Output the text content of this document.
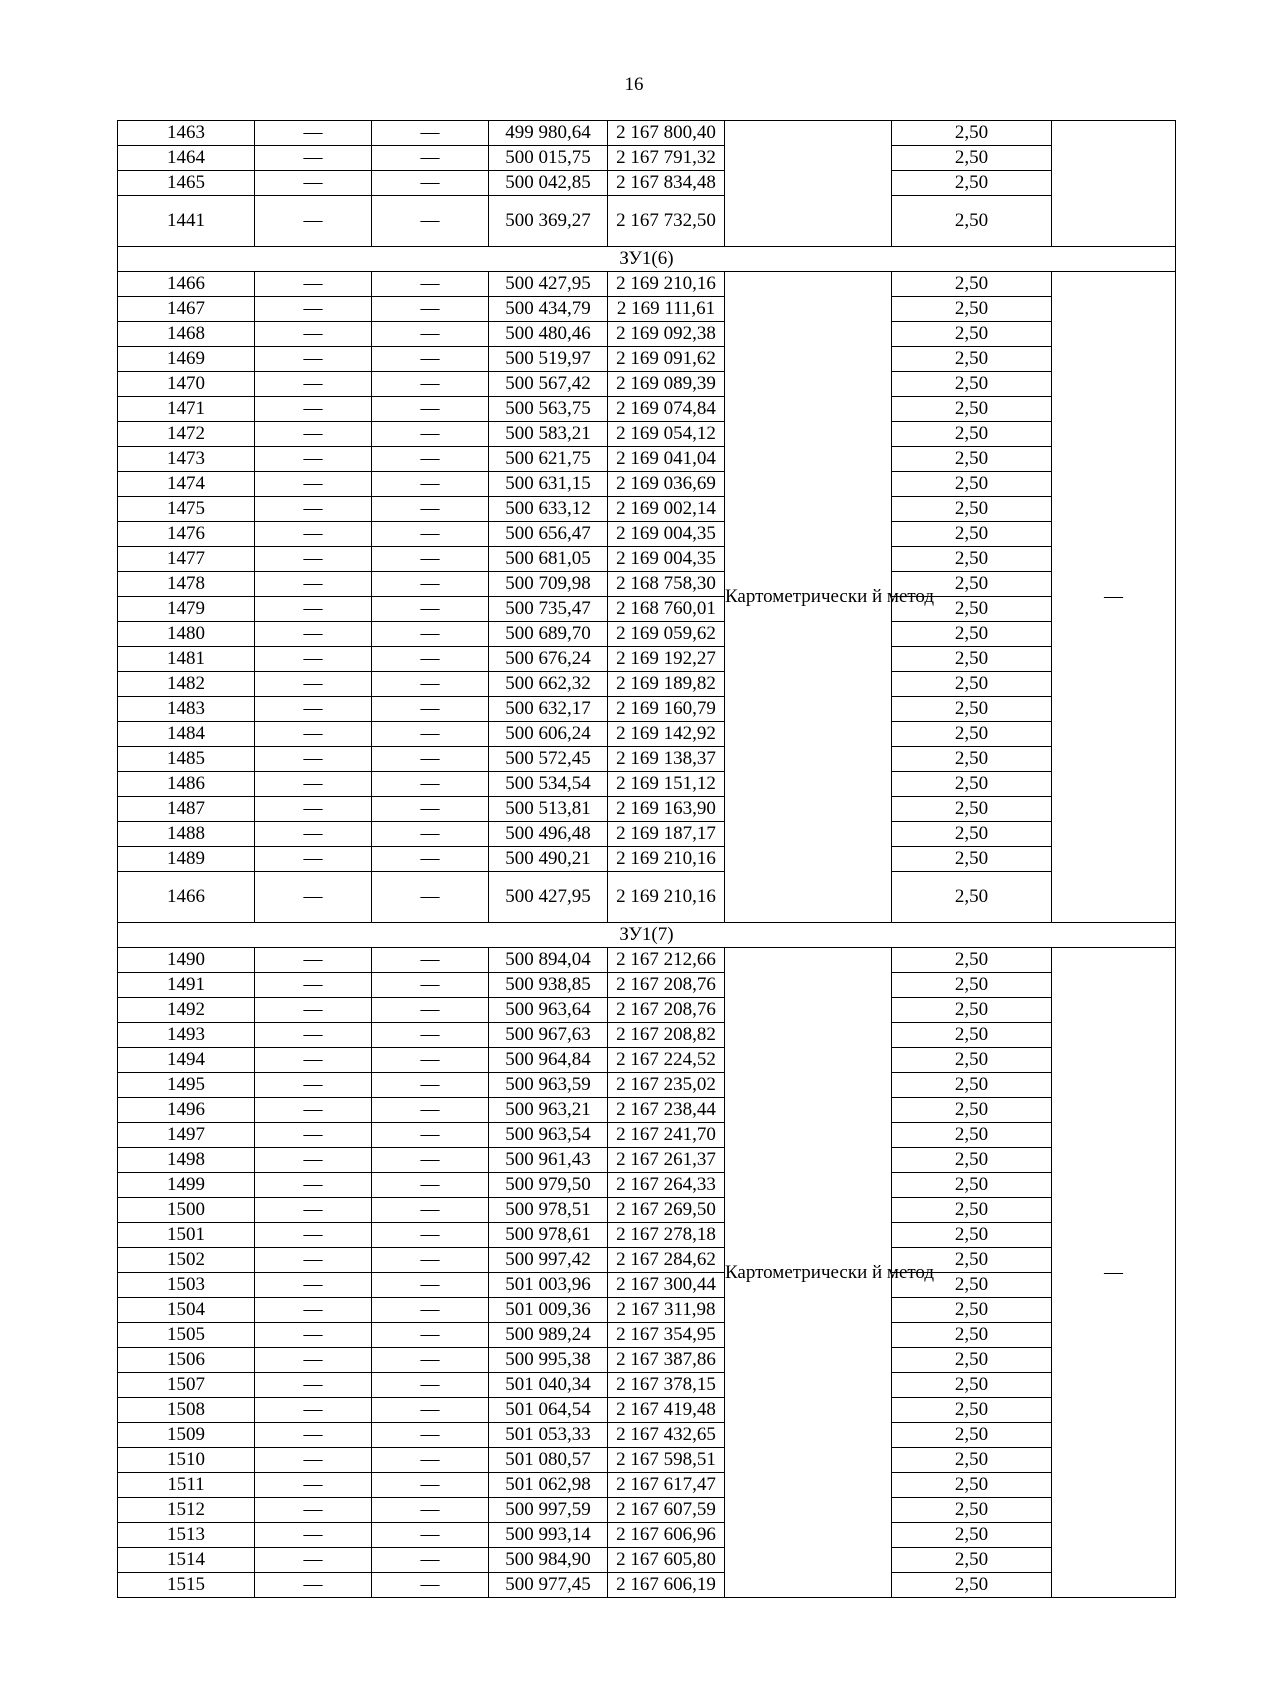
16
1463	—	—	499 980,64	2 167 800,40		2,50	
1464	—	—	500 015,75	2 167 791,32		2,50	
1465	—	—	500 042,85	2 167 834,48		2,50	
1441	—	—	500 369,27	2 167 732,50		2,50	
ЗУ1(6)							
1466	—	—	500 427,95	2 169 210,16	Картометрически й метод	2,50	—
1467	—	—	500 434,79	2 169 111,61		2,50	
1468	—	—	500 480,46	2 169 092,38		2,50	
1469	—	—	500 519,97	2 169 091,62		2,50	
1470	—	—	500 567,42	2 169 089,39		2,50	
1471	—	—	500 563,75	2 169 074,84		2,50	
1472	—	—	500 583,21	2 169 054,12		2,50	
1473	—	—	500 621,75	2 169 041,04		2,50	
1474	—	—	500 631,15	2 169 036,69		2,50	
1475	—	—	500 633,12	2 169 002,14		2,50	
1476	—	—	500 656,47	2 169 004,35		2,50	
1477	—	—	500 681,05	2 169 004,35		2,50	
1478	—	—	500 709,98	2 168 758,30		2,50	
1479	—	—	500 735,47	2 168 760,01		2,50	
1480	—	—	500 689,70	2 169 059,62		2,50	
1481	—	—	500 676,24	2 169 192,27		2,50	
1482	—	—	500 662,32	2 169 189,82		2,50	
1483	—	—	500 632,17	2 169 160,79		2,50	
1484	—	—	500 606,24	2 169 142,92		2,50	
1485	—	—	500 572,45	2 169 138,37		2,50	
1486	—	—	500 534,54	2 169 151,12		2,50	
1487	—	—	500 513,81	2 169 163,90		2,50	
1488	—	—	500 496,48	2 169 187,17		2,50	
1489	—	—	500 490,21	2 169 210,16		2,50	
1466	—	—	500 427,95	2 169 210,16		2,50	
ЗУ1(7)							
1490	—	—	500 894,04	2 167 212,66	Картометрически й метод	2,50	—
1491	—	—	500 938,85	2 167 208,76		2,50	
1492	—	—	500 963,64	2 167 208,76		2,50	
1493	—	—	500 967,63	2 167 208,82		2,50	
1494	—	—	500 964,84	2 167 224,52		2,50	
1495	—	—	500 963,59	2 167 235,02		2,50	
1496	—	—	500 963,21	2 167 238,44		2,50	
1497	—	—	500 963,54	2 167 241,70		2,50	
1498	—	—	500 961,43	2 167 261,37		2,50	
1499	—	—	500 979,50	2 167 264,33		2,50	
1500	—	—	500 978,51	2 167 269,50		2,50	
1501	—	—	500 978,61	2 167 278,18		2,50	
1502	—	—	500 997,42	2 167 284,62		2,50	
1503	—	—	501 003,96	2 167 300,44		2,50	
1504	—	—	501 009,36	2 167 311,98		2,50	
1505	—	—	500 989,24	2 167 354,95		2,50	
1506	—	—	500 995,38	2 167 387,86		2,50	
1507	—	—	501 040,34	2 167 378,15		2,50	
1508	—	—	501 064,54	2 167 419,48		2,50	
1509	—	—	501 053,33	2 167 432,65		2,50	
1510	—	—	501 080,57	2 167 598,51		2,50	
1511	—	—	501 062,98	2 167 617,47		2,50	
1512	—	—	500 997,59	2 167 607,59		2,50	
1513	—	—	500 993,14	2 167 606,96		2,50	
1514	—	—	500 984,90	2 167 605,80		2,50	
1515	—	—	500 977,45	2 167 606,19		2,50	
